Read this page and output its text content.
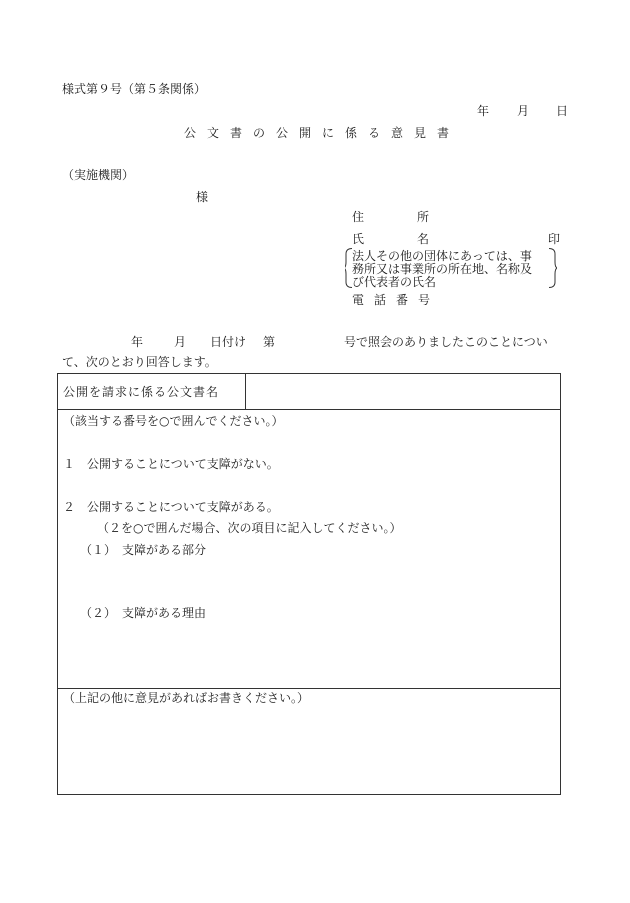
様式第９号（第５条関係）
年 月 日
公文書の公開に係る意見書
（実施機関）
様
住	所
氏	名	印
法人その他の団体にあっては、事
務所又は事業所の所在地、名称及
び代表者の氏名
電話番号
年	月 日付け 第	号で照会のありましたこのことについ
て、次のとおり回答します。
公開を請求に係る公文書名
（該当する番号を○で囲んでください。）
１　公開することについて支障がない。
２　公開することについて支障がある。
（２を○で囲んだ場合、次の項目に記入してください。）
（１）　支障がある部分
（２）　支障がある理由
（上記の他に意見があればお書きください。）
